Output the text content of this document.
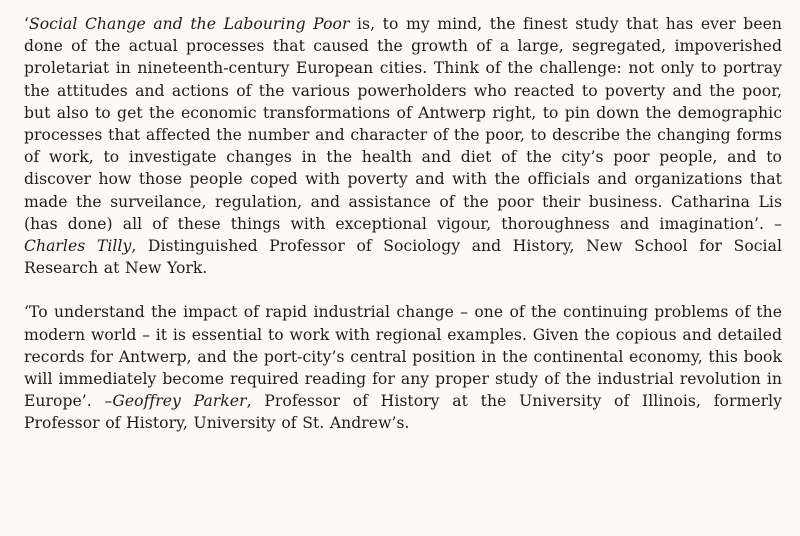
‘Social Change and the Labouring Poor is, to my mind, the finest study that has ever been done of the actual processes that caused the growth of a large, segregated, impoverished proletariat in nineteenth-century European cities. Think of the challenge: not only to portray the attitudes and actions of the various powerholders who reacted to poverty and the poor, but also to get the economic transformations of Antwerp right, to pin down the demographic processes that affected the number and character of the poor, to describe the changing forms of work, to investigate changes in the health and diet of the city’s poor people, and to discover how those people coped with poverty and with the officials and organizations that made the surveilance, regulation, and assistance of the poor their business. Catharina Lis (has done) all of these things with exceptional vigour, thoroughness and imagination’. – Charles Tilly, Distinguished Professor of Sociology and History, New School for Social Research at New York.

‘To understand the impact of rapid industrial change – one of the continuing problems of the modern world – it is essential to work with regional examples. Given the copious and detailed records for Antwerp, and the port-city’s central position in the continental economy, this book will immediately become required reading for any proper study of the industrial revolution in Europe’. –Geoffrey Parker, Professor of History at the University of Illinois, formerly Professor of History, University of St. Andrew’s.
